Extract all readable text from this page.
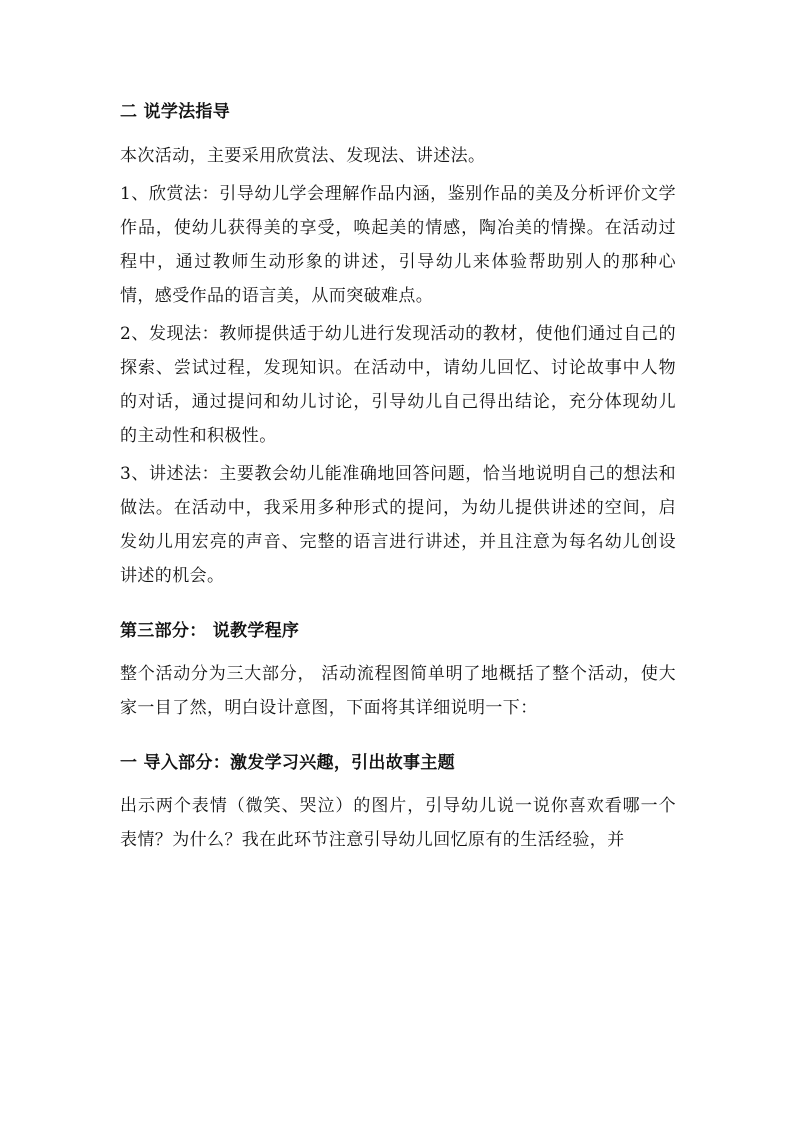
二 说学法指导

本次活动，主要采用欣赏法、发现法、讲述法。

1、欣赏法：引导幼儿学会理解作品内涵，鉴别作品的美及分析评价文学作品，使幼儿获得美的享受，唤起美的情感，陶冶美的情操。在活动过程中，通过教师生动形象的讲述，引导幼儿来体验帮助别人的那种心情，感受作品的语言美，从而突破难点。

2、发现法：教师提供适于幼儿进行发现活动的教材，使他们通过自己的探索、尝试过程，发现知识。在活动中，请幼儿回忆、讨论故事中人物的对话，通过提问和幼儿讨论，引导幼儿自己得出结论，充分体现幼儿的主动性和积极性。

3、讲述法：主要教会幼儿能准确地回答问题，恰当地说明自己的想法和做法。在活动中，我采用多种形式的提问，为幼儿提供讲述的空间，启发幼儿用宏亮的声音、完整的语言进行讲述，并且注意为每名幼儿创设讲述的机会。

第三部分： 说教学程序

整个活动分为三大部分， 活动流程图简单明了地概括了整个活动，使大家一目了然，明白设计意图，下面将其详细说明一下：

一 导入部分：激发学习兴趣，引出故事主题

出示两个表情（微笑、哭泣）的图片，引导幼儿说一说你喜欢看哪一个表情？为什么？我在此环节注意引导幼儿回忆原有的生活经验，并
